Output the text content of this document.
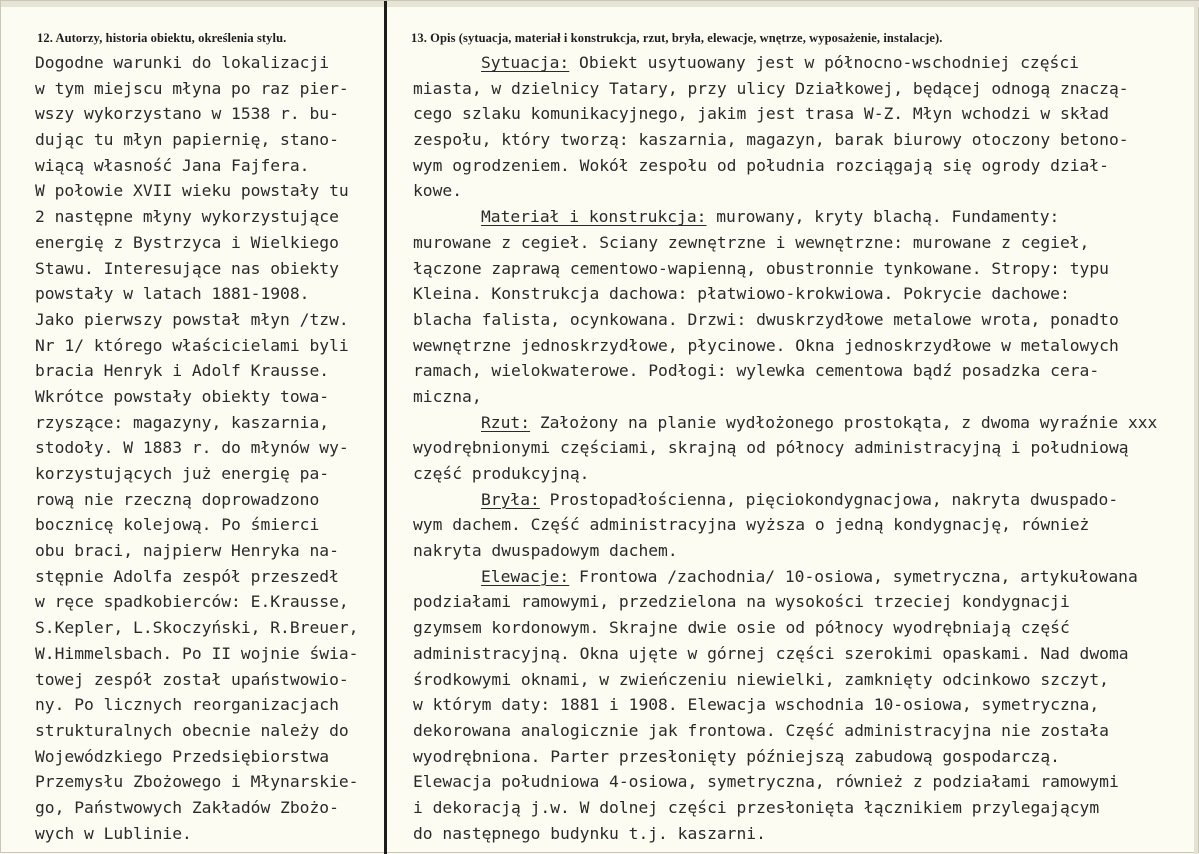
12. Autorzy, historia obiektu, określenia stylu.	13. Opis (sytuacja, materiał i konstrukcja, rzut, bryła, elewacje, wnętrze, wyposażenie, instalacje).
Dogodne warunki do lokalizacji
w tym miejscu młyna po raz pier-
wszy wykorzystano w 1538 r. bu-
dując tu młyn papiernię, stano-
wiącą własność Jana Fajfera.
W połowie XVII wieku powstały tu
2 następne młyny wykorzystujące
energię z Bystrzyca i Wielkiego
Stawu. Interesujące nas obiekty
powstały w latach 1881-1908.
Jako pierwszy powstał młyn /tzw.
Nr 1/ którego właścicielami byli
bracia Henryk i Adolf Krausse.
Wkrótce powstały obiekty towa-
rzyszące: magazyny, kaszarnia,
stodoły. W 1883 r. do młynów wy-
korzystujących już energię pa-
rową nie rzeczną doprowadzono
bocznicę kolejową. Po śmierci
obu braci, najpierw Henryka na-
stępnie Adolfa zespół przeszedł
w ręce spadkobierców: E.Krausse,
S.Kepler, L.Skoczyński, R.Breuer,
W.Himmelsbach. Po II wojnie świa-
towej zespół został upaństwowio-
ny. Po licznych reorganizacjach
strukturalnych obecnie należy do
Wojewódzkiego Przedsiębiorstwa
Przemysłu Zbożowego i Młynarskie-
go, Państwowych Zakładów Zbożo-
wych w Lublinie.
Sytuacja: Obiekt usytuowany jest w północno-wschodniej części
miasta, w dzielnicy Tatary, przy ulicy Działkowej, będącej odnogą znaczą-
cego szlaku komunikacyjnego, jakim jest trasa W-Z. Młyn wchodzi w skład
zespołu, który tworzą: kaszarnia, magazyn, barak biurowy otoczony betono-
wym ogrodzeniem. Wokół zespołu od południa rozciągają się ogrody dział-
kowe.
Materiał i konstrukcja: murowany, kryty blachą. Fundamenty:
murowane z cegieł. Sciany zewnętrzne i wewnętrzne: murowane z cegieł,
łączone zaprawą cementowo-wapienną, obustronnie tynkowane. Stropy: typu
Kleina. Konstrukcja dachowa: płatwiowo-krokwiowa. Pokrycie dachowe:
blacha falista, ocynkowana. Drzwi: dwuskrzydłowe metalowe wrota, ponadto
wewnętrzne jednoskrzydłowe, płycinowe. Okna jednoskrzydłowe w metalowych
ramach, wielokwaterowe. Podłogi: wylewka cementowa bądź posadzka cera-
miczna,
Rzut: Założony na planie wydłożonego prostokąta, z dwoma wyraźnie xxx
wyodrębnionymi częściami, skrajną od północy administracyjną i południową
część produkcyjną.
Bryła: Prostopadłościenna, pięciokondygnacjowa, nakryta dwuspado-
wym dachem. Część administracyjna wyższa o jedną kondygnację, również
nakryta dwuspadowym dachem.
Elewacje: Frontowa /zachodnia/ 10-osiowa, symetryczna, artykułowana
podziałami ramowymi, przedzielona na wysokości trzeciej kondygnacji
gzymsem kordonowym. Skrajne dwie osie od północy wyodrębniają część
administracyjną. Okna ujęte w górnej części szerokimi opaskami. Nad dwoma
środkowymi oknami, w zwieńczeniu niewielki, zamknięty odcinkowo szczyt,
w którym daty: 1881 i 1908. Elewacja wschodnia 10-osiowa, symetryczna,
dekorowana analogicznie jak frontowa. Część administracyjna nie została
wyodrębniona. Parter przesłonięty późniejszą zabudową gospodarczą.
Elewacja południowa 4-osiowa, symetryczna, również z podziałami ramowymi
i dekoracją j.w. W dolnej części przesłonięta łącznikiem przylegającym
do następnego budynku t.j. kaszarni.
